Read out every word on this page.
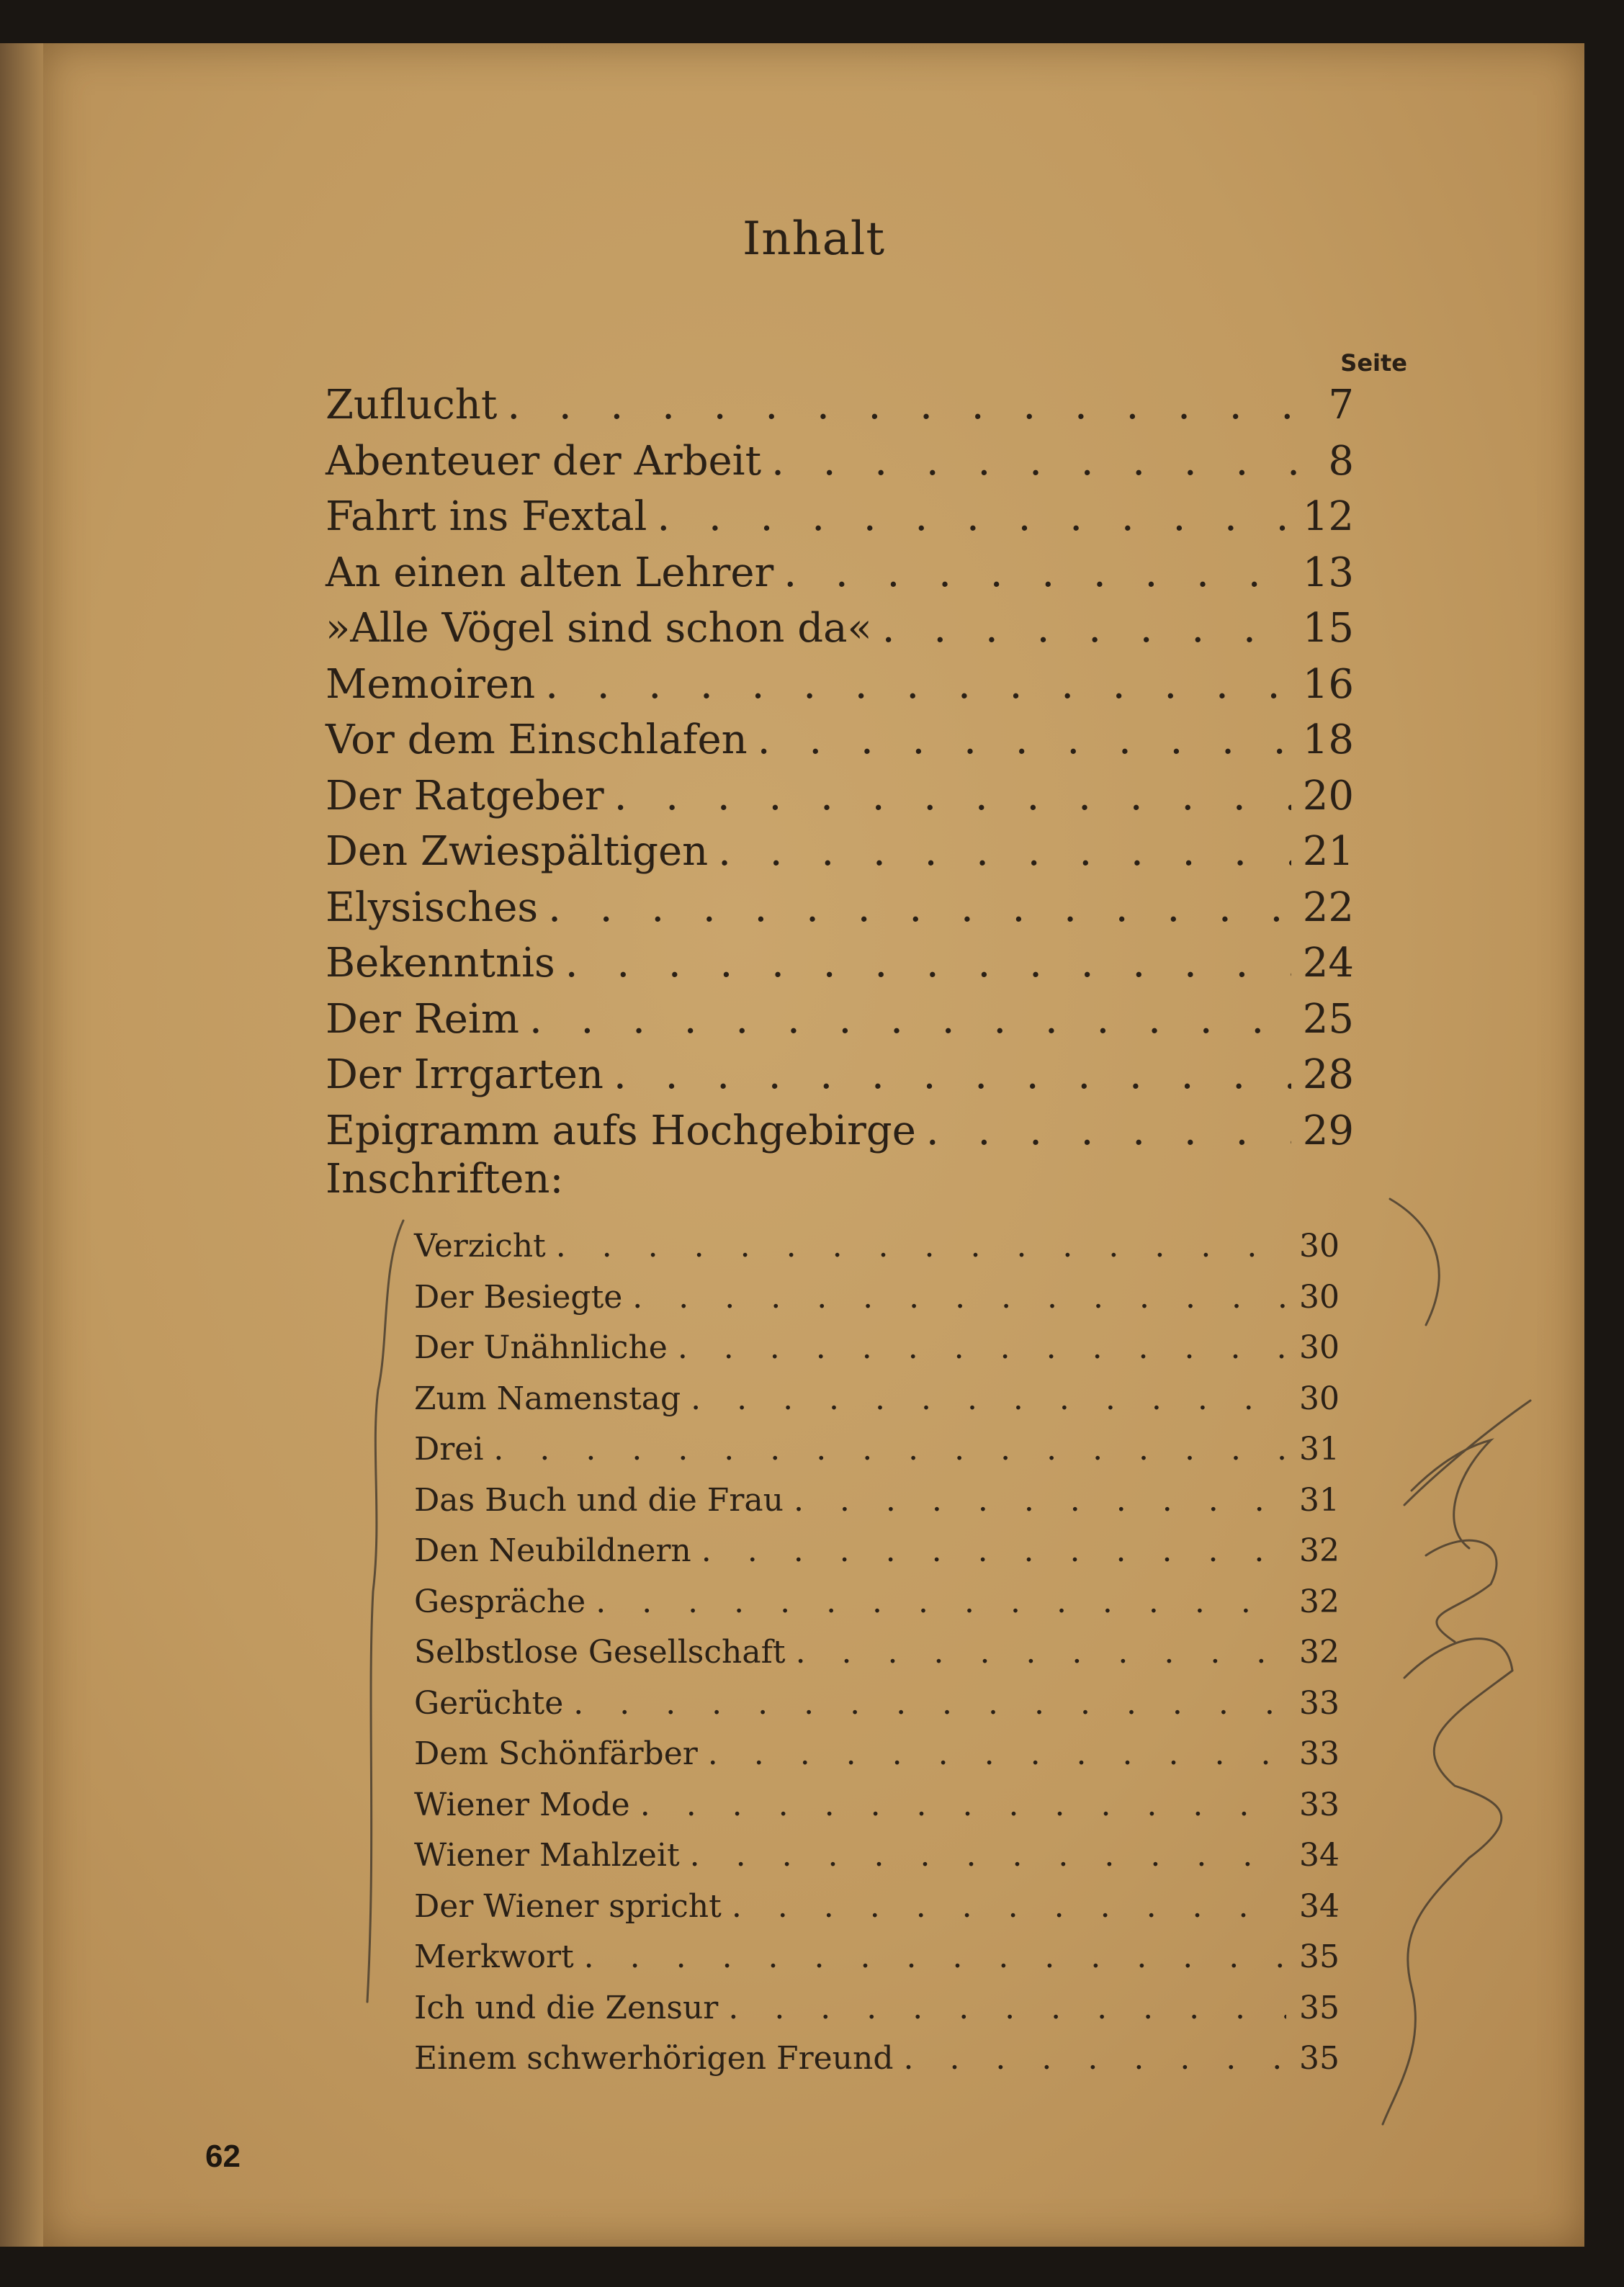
Inhalt
Seite
Zuflucht . . .	7
Abenteuer der Arbeit . . .	8
Fahrt ins Fextal . . .	12
An einen alten Lehrer . . .	13
»Alle Vögel sind schon da« . . .	15
Memoiren . . .	16
Vor dem Einschlafen . . .	18
Der Ratgeber . . .	20
Den Zwiespältigen . . .	21
Elysisches . . .	22
Bekenntnis . . .	24
Der Reim . . .	25
Der Irrgarten . . .	28
Epigramm aufs Hochgebirge . . .	29
Inschriften:
Verzicht . . .	30
Der Besiegte . . .	30
Der Unähnliche . . .	30
Zum Namenstag . . .	30
Drei . . .	31
Das Buch und die Frau . . .	31
Den Neubildnern . . .	32
Gespräche . . .	32
Selbstlose Gesellschaft . . .	32
Gerüchte . . .	33
Dem Schönfärber . . .	33
Wiener Mode . . .	33
Wiener Mahlzeit . . .	34
Der Wiener spricht . . .	34
Merkwort . . .	35
Ich und die Zensur . . .	35
Einem schwerhörigen Freund . . .	35
62
